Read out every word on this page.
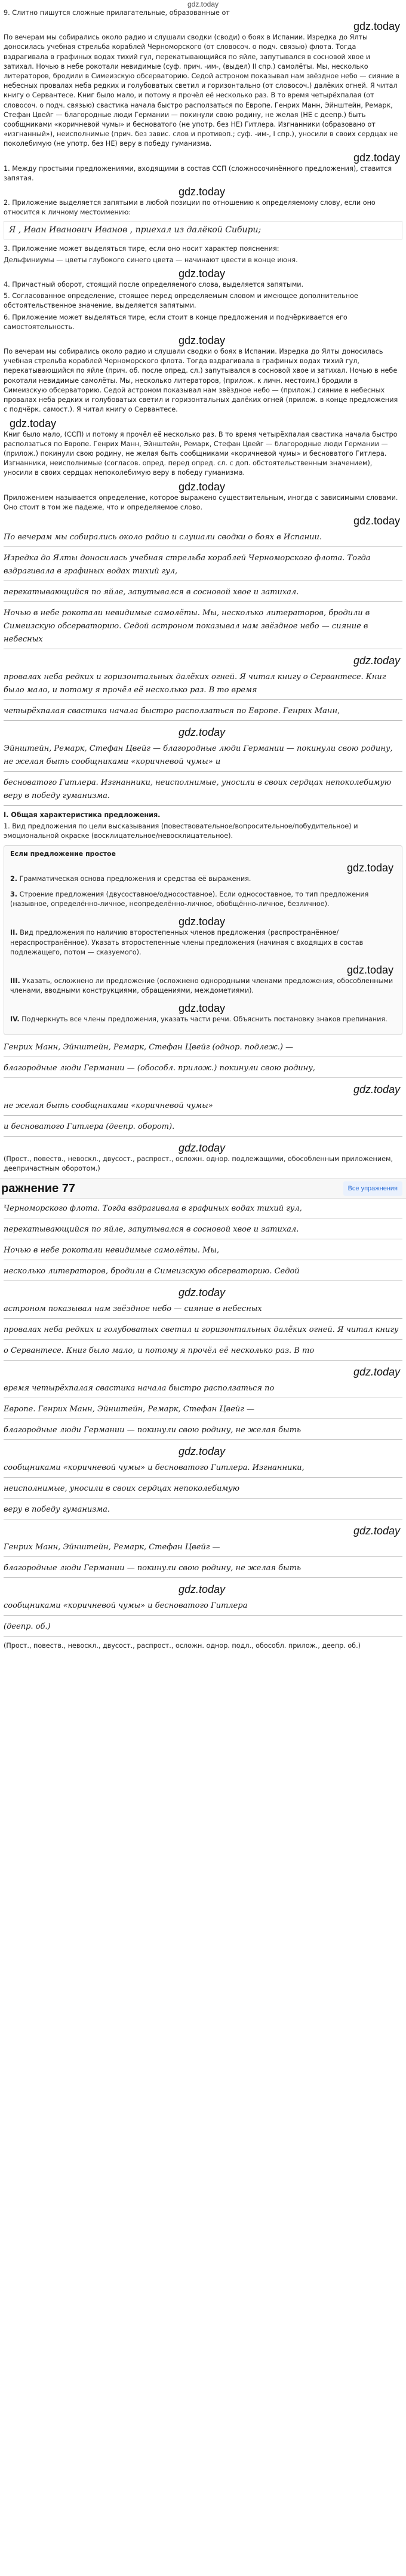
gdz.today

9. Слитно пишутся сложные прилагательные, образованные от

gdz.today

По вечерам мы собирались около радио и слушали сводки (своди) о боях в Испании. Изредка до Ялты доносилась учебная стрельба кораблей Черноморского (от словосоч. о подч. связью) флота. Тогда вздрагивала в графиных водах тихий гул, перекатывающийся по яйле, запутывался в сосновой хвое и затихал. Ночью в небе рокотали невидимые (суф. прич. -им-, (выдел) II спр.) самолёты. Мы, несколько литераторов, бродили в Симеизскую обсерваторию. Седой астроном показывал нам звёздное небо — сияние в небесных провалах неба редких и голубоватых светил и горизонтально (от словосоч.) далёких огней. Я читал книгу о Сервантесе. Книг было мало, и потому я прочёл её несколько раз. В то время четырёхпалая (от словосоч. о подч. связью) свастика начала быстро расползаться по Европе. Генрих Манн, Эйнштейн, Ремарк, Стефан Цвейг — благородные люди Германии — покинули свою родину, не желая (НЕ с деепр.) быть сообщниками «коричневой чумы» и бесноватого (не употр. без НЕ) Гитлера. Изгнанники (образовано от «изгнанный»), неисполнимые (прич. без завис. слов и противоп.; суф. -им-, I спр.), уносили в своих сердцах не поколебимую (не употр. без НЕ) веру в победу гуманизма.

gdz.today

1. Между простыми предложениями, входящими в состав ССП (сложносочинённого предложения), ставится запятая.

gdz.today

2. Приложение выделяется запятыми в любой позиции по отношению к определяемому слову, если оно относится к личному местоимению:

Я , Иван Иванович Иванов , приехал из далёкой Сибири;

3. Приложение может выделяться тире, если оно носит характер пояснения:

Дельфиниумы — цветы глубокого синего цвета — начинают цвести в конце июня.

gdz.today

4. Причастный оборот, стоящий после определяемого слова, выделяется запятыми.

5. Согласованное определение, стоящее перед определяемым словом и имеющее дополнительное обстоятельственное значение, выделяется запятыми.

6. Приложение может выделяться тире, если стоит в конце предложения и подчёркивается его самостоятельность.

gdz.today

По вечерам мы собирались около радио и слушали сводки о боях в Испании. Изредка до Ялты доносилась учебная стрельба кораблей Черноморского флота. Тогда вздрагивала в графиных водах тихий гул, перекатывающийся по яйле (прич. об. после опред. сл.) запутывался в сосновой хвое и затихал. Ночью в небе рокотали невидимые самолёты. Мы, несколько литераторов, (прилож. к личн. местоим.) бродили в Симеизскую обсерваторию. Седой астроном показывал нам звёздное небо — (прилож.) сияние в небесных провалах неба редких и голубоватых светил и горизонтальных далёких огней (прилож. в конце предложения с подчёрк. самост.). Я читал книгу о Сервантесе.

gdz.today

Книг было мало, (ССП) и потому я прочёл её несколько раз. В то время четырёхпалая свастика начала быстро расползаться по Европе. Генрих Манн, Эйнштейн, Ремарк, Стефан Цвейг — благородные люди Германии — (прилож.) покинули свою родину, не желая быть сообщниками «коричневой чумы» и бесноватого Гитлера. Изгнанники, неисполнимые (согласов. опред. перед опред. сл. с доп. обстоятельственным значением), уносили в своих сердцах непоколебимую веру в победу гуманизма.

gdz.today

Приложением называется определение, которое выражено существительным, иногда с зависимыми словами. Оно стоит в том же падеже, что и определяемое слово.

gdz.today
По вечерам мы собирались около радио и слушали сводки о боях в Испании.
Изредка до Ялты доносилась учебная стрельба кораблей Черноморского флота. Тогда вздрагивала в графиных водах тихий гул,
перекатывающийся по яйле, запутывался в сосновой хвое и затихал.
Ночью в небе рокотали невидимые самолёты. Мы, несколько литераторов, бродили в Симеизскую обсерваторию. Седой астроном показывал нам звёздное небо — сияние в небесных
gdz.today
провалах неба редких и горизонтальных далёких огней. Я читал книгу о Сервантесе. Книг было мало, и потому я прочёл её несколько раз. В то время
четырёхпалая свастика начала быстро расползаться по Европе. Генрих Манн,
gdz.today
Эйнштейн, Ремарк, Стефан Цвейг — благородные люди Германии — покинули свою родину, не желая быть сообщниками «коричневой чумы» и
бесноватого Гитлера. Изгнанники, неисполнимые, уносили в своих сердцах непоколебимую веру в победу гуманизма.

I. Общая характеристика предложения.

1. Вид предложения по цели высказывания (повествовательное/вопросительное/побудительное) и эмоциональной окраске (восклицательное/невосклицательное).

Если предложение простое
gdz.today
2. Грамматическая основа предложения и средства её выражения.
3. Строение предложения (двусоставное/односоставное). Если односоставное, то тип предложения (назывное, определённо-личное, неопределённо-личное, обобщённо-личное, безличное).
gdz.today
II. Вид предложения по наличию второстепенных членов предложения (распространённое/нераспространённое). Указать второстепенные члены предложения (начиная с входящих в состав подлежащего, потом — сказуемого).
gdz.today
III. Указать, осложнено ли предложение (осложнено однородными членами предложения, обособленными членами, вводными конструкциями, обращениями, междометиями).
gdz.today
IV. Подчеркнуть все члены предложения, указать части речи. Объяснить постановку знаков препинания.
Генрих Манн, Эйнштейн, Ремарк, Стефан Цвейг (однор. подлеж.) —
благородные люди Германии — (обособл. прилож.) покинули свою родину,
gdz.today
не желая быть сообщниками «коричневой чумы»
и бесноватого Гитлера (деепр. оборот).
gdz.today

(Прост., повеств., невоскл., двусост., распрост., осложн. однор. подлежащими, обособленным приложением, деепричастным оборотом.)

ражнение 77	Все упражнения
Черноморского флота. Тогда вздрагивала в графиных водах тихий гул,
перекатывающийся по яйле, запутывался в сосновой хвое и затихал.
Ночью в небе рокотали невидимые самолёты. Мы,
несколько литераторов, бродили в Симеизскую обсерваторию. Седой
gdz.today
астроном показывал нам звёздное небо — сияние в небесных
провалах неба редких и голубоватых светил и горизонтальных далёких огней. Я читал книгу
о Сервантесе. Книг было мало, и потому я прочёл её несколько раз. В то
gdz.today
время четырёхпалая свастика начала быстро расползаться по
Европе. Генрих Манн, Эйнштейн, Ремарк, Стефан Цвейг —
благородные люди Германии — покинули свою родину, не желая быть
gdz.today
сообщниками «коричневой чумы» и бесноватого Гитлера. Изгнанники,
неисполнимые, уносили в своих сердцах непоколебимую
веру в победу гуманизма.
gdz.today
Генрих Манн, Эйнштейн, Ремарк, Стефан Цвейг —
благородные люди Германии — покинули свою родину, не желая быть
gdz.today
сообщниками «коричневой чумы» и бесноватого Гитлера
(деепр. об.)

(Прост., повеств., невоскл., двусост., распрост., осложн. однор. подл., обособл. прилож., деепр. об.)
